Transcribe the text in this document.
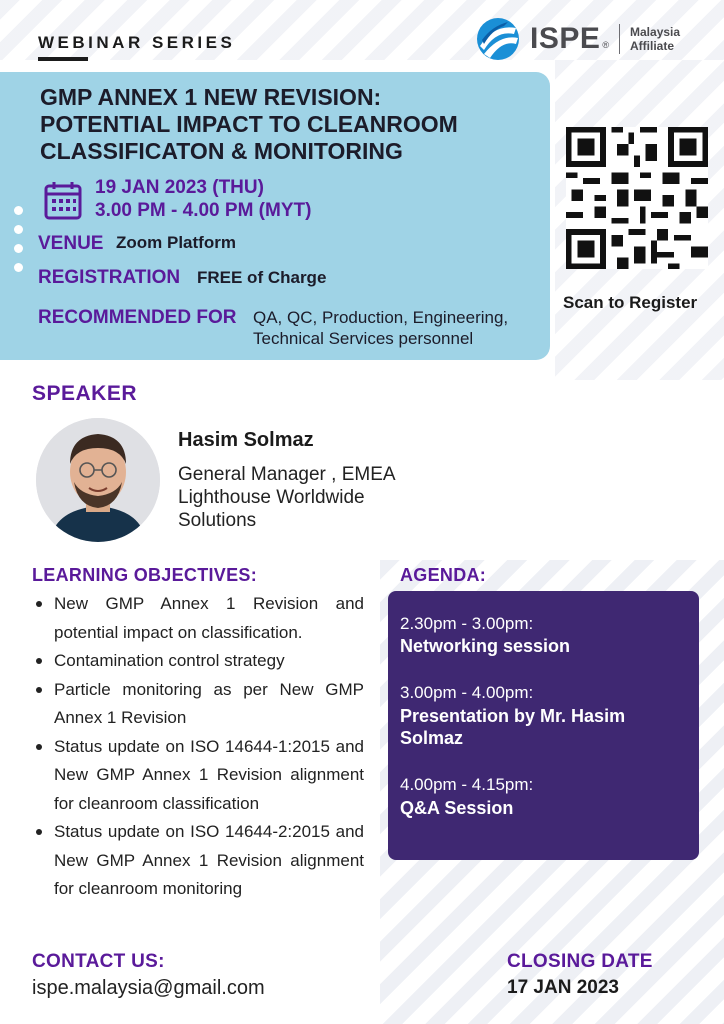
WEBINAR SERIES	ISPE ®
Malaysia
Affiliate
GMP ANNEX 1 NEW REVISION:
POTENTIAL IMPACT TO CLEANROOM
CLASSIFICATON & MONITORING
19 JAN 2023 (THU)
3.00 PM - 4.00 PM (MYT)
VENUE Zoom Platform
REGISTRATION FREE of Charge
RECOMMENDED FOR QA, QC, Production, Engineering,
Technical Services personnel
Scan to Register
SPEAKER
Hasim Solmaz
General Manager , EMEA
Lighthouse Worldwide
Solutions
LEARNING OBJECTIVES:
New GMP Annex 1 Revision and potential impact on classification.
Contamination control strategy
Particle monitoring as per New GMP Annex 1 Revision
Status update on ISO 14644-1:2015 and New GMP Annex 1 Revision alignment for cleanroom classification
Status update on ISO 14644-2:2015 and New GMP Annex 1 Revision alignment for cleanroom monitoring
AGENDA:
2.30pm - 3.00pm:
Networking session
3.00pm - 4.00pm:
Presentation by Mr. Hasim Solmaz
4.00pm - 4.15pm:
Q&A Session
CONTACT US:
ispe.malaysia@gmail.com
CLOSING DATE
17 JAN 2023
